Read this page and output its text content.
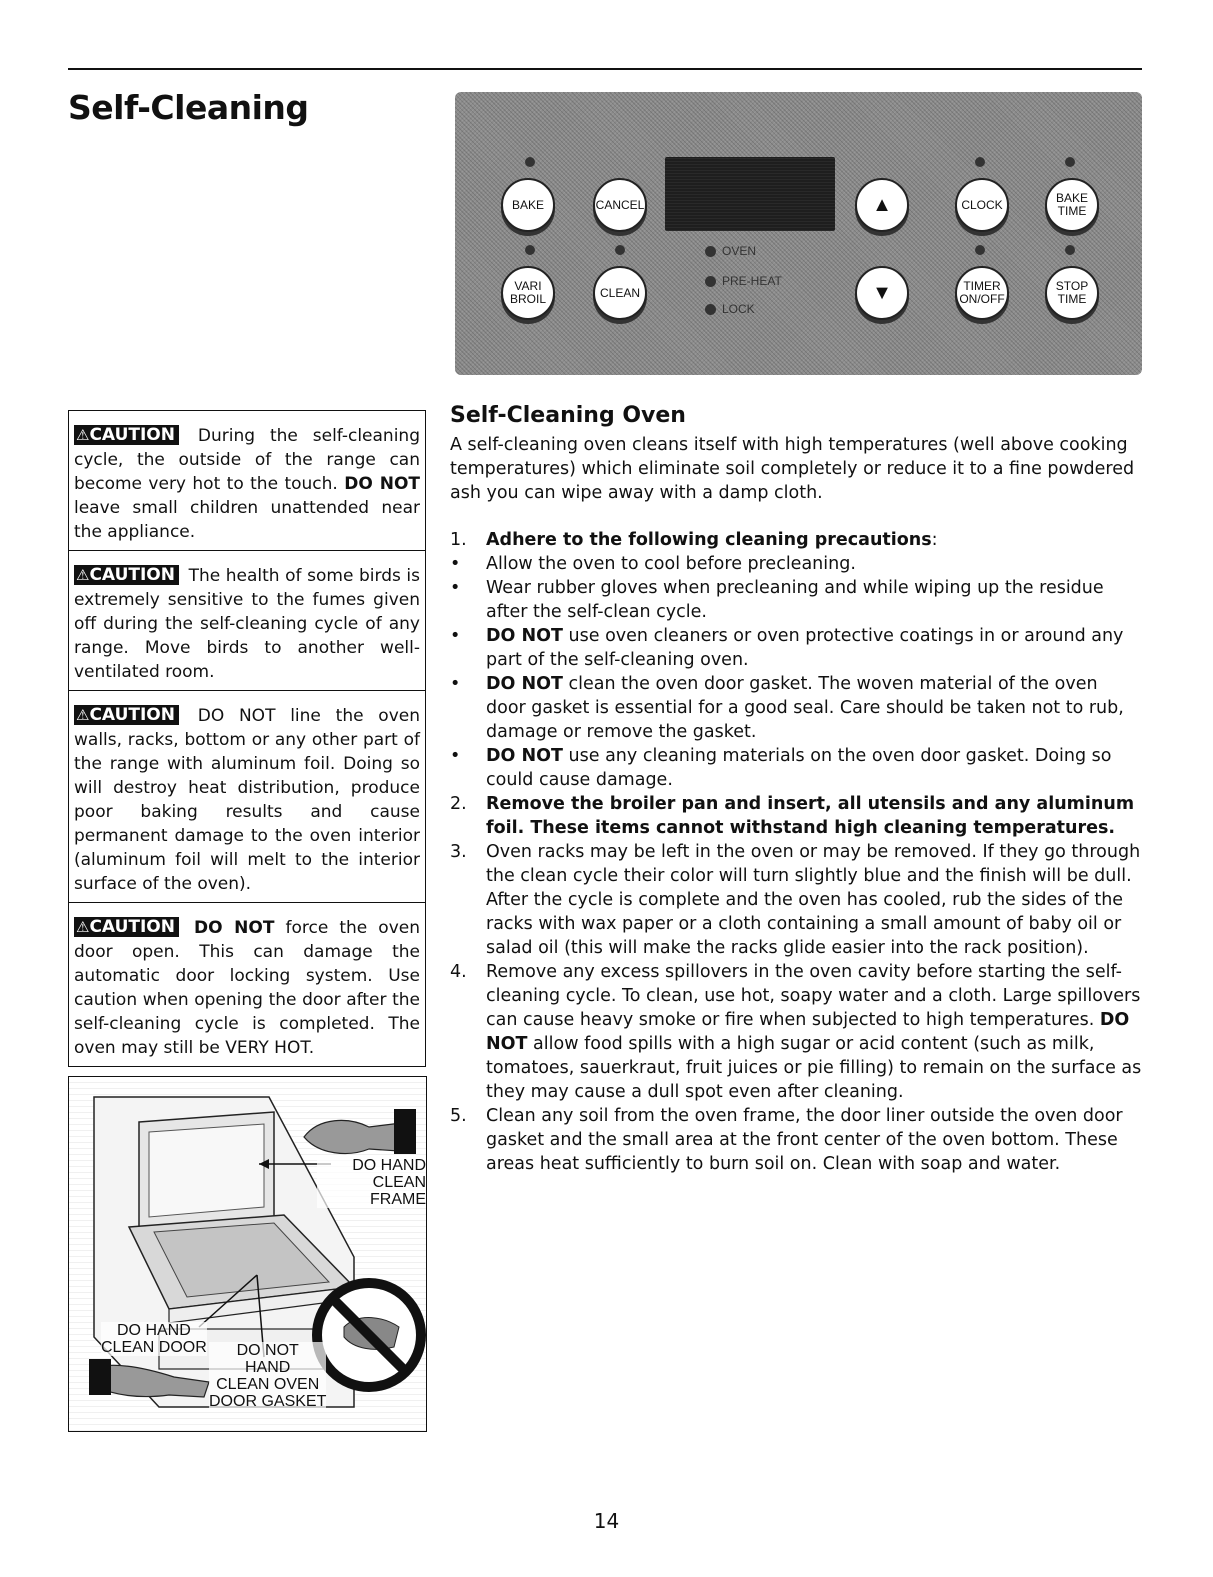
Self-Cleaning
BAKE	CANCEL
VARI
BROIL	CLEAN
OVEN
PRE-HEAT
LOCK
▲
▼
CLOCK	BAKE
TIME
TIMER
ON/OFF
STOP
TIME
⚠CAUTION During the self-cleaning cycle, the outside of the range can become very hot to the touch. DO NOT leave small children unattended near the appliance.
⚠CAUTION The health of some birds is extremely sensitive to the fumes given off during the self-cleaning cycle of any range. Move birds to another well-ventilated room.
⚠CAUTION DO NOT line the oven walls, racks, bottom or any other part of the range with aluminum foil. Doing so will destroy heat distribution, produce poor baking results and cause permanent damage to the oven interior (aluminum foil will melt to the interior surface of the oven).
⚠CAUTION DO NOT force the oven door open. This can damage the automatic door locking system. Use caution when opening the door after the self-cleaning cycle is completed. The oven may still be VERY HOT.
DO HAND
CLEAN FRAME
DO HAND
CLEAN DOOR	DO NOT
HAND
CLEAN OVEN
DOOR GASKET
Self-Cleaning Oven
A self-cleaning oven cleans itself with high temperatures (well above cooking temperatures) which eliminate soil completely or reduce it to a fine powdered ash you can wipe away with a damp cloth.
1.	Adhere to the following cleaning precautions:
•	Allow the oven to cool before precleaning.
•	Wear rubber gloves when precleaning and while wiping up the residue after the self-clean cycle.
•	DO NOT use oven cleaners or oven protective coatings in or around any part of the self-cleaning oven.
•	DO NOT clean the oven door gasket. The woven material of the oven door gasket is essential for a good seal. Care should be taken not to rub, damage or remove the gasket.
•	DO NOT use any cleaning materials on the oven door gasket. Doing so could cause damage.
2.	Remove the broiler pan and insert, all utensils and any aluminum foil. These items cannot withstand high cleaning temperatures.
3.	Oven racks may be left in the oven or may be removed. If they go through the clean cycle their color will turn slightly blue and the finish will be dull. After the cycle is complete and the oven has cooled, rub the sides of the racks with wax paper or a cloth containing a small amount of baby oil or salad oil (this will make the racks glide easier into the rack position).
4.	Remove any excess spillovers in the oven cavity before starting the self-cleaning cycle. To clean, use hot, soapy water and a cloth. Large spillovers can cause heavy smoke or fire when subjected to high temperatures. DO NOT allow food spills with a high sugar or acid content (such as milk, tomatoes, sauerkraut, fruit juices or pie filling) to remain on the surface as they may cause a dull spot even after cleaning.
5.	Clean any soil from the oven frame, the door liner outside the oven door gasket and the small area at the front center of the oven bottom. These areas heat sufficiently to burn soil on. Clean with soap and water.
14
